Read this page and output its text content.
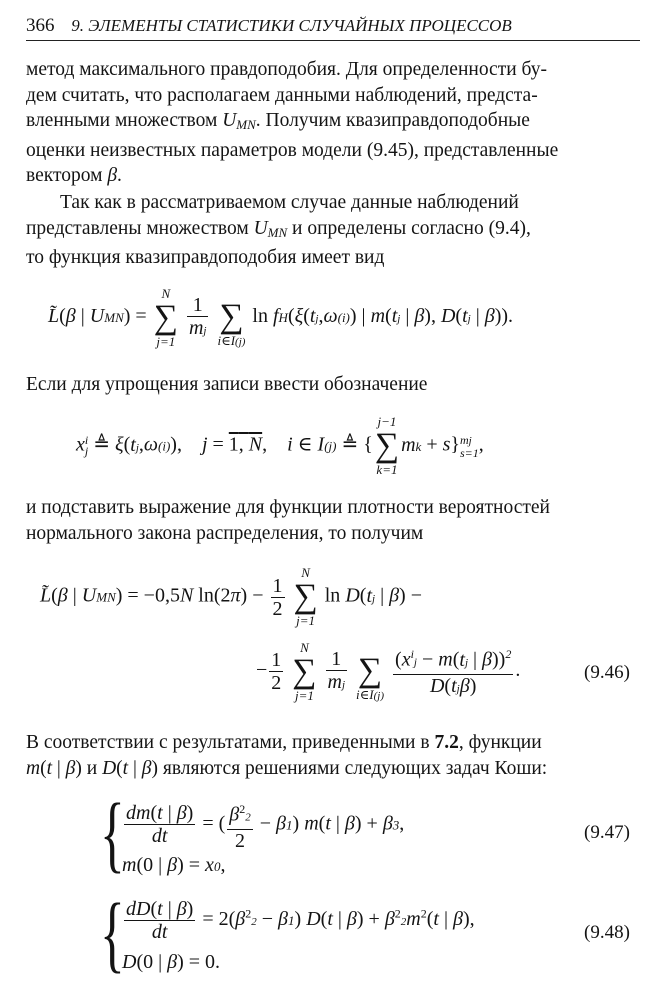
366 9. ЭЛЕМЕНТЫ СТАТИСТИКИ СЛУЧАЙНЫХ ПРОЦЕССОВ
метод максимального правдоподобия. Для определенности бу-
дем считать, что располагаем данными наблюдений, предста-
вленными множеством UMN. Получим квазиправдоподобные
оценки неизвестных параметров модели (9.45), представленные
вектором β.
Так как в рассматриваемом случае данные наблюдений
представлены множеством UMN и определены согласно (9.4),
то функция квазиправдоподобия имеет вид
L̃(β | UMN) =
N
∑
j=1
$\frac{1}{mj}$

∑
i∈I(j)
ln fH(ξ(tj,ω(i)) | m(tj | β), D(tj | β)).
Если для упрощения записи ввести обозначение
x i
j ≜ ξ(tj,ω(i)),    j = 1, N,    i ∈ I(j) ≜ {
j−1
∑
k=1
mk + s} mj
s=1 ,
и подставить выражение для функции плотности вероятностей
нормального закона распределения, то получим
L̃(β | UMN) = −0,5N $\ln(2\pi) - \frac{1}{2}$

N
∑
j=1
ln D(tj | β) −
− $\frac{1}{2}$

N
∑
j=1
$\frac{1}{mj}$

∑
i∈I(j)
$\frac{(x^ij - m(tj | \beta))^2}{\text{D(tjβ)}}$ .	(9.46)
В соответствии с результатами, приведенными в 7.2, функции
m(t | β) и D(t | β) являются решениями следующих задач Коши:
{ $\frac{dm(t | \beta)}{dt}$ = ( $\frac{\beta^22}{2} - \beta 1$) m(t | β) + β3,
m(0 | β) = x0,
(9.47)
{ $\frac{dD(t | \beta)}{dt} = 2(\beta^22 - \beta 1)$ D(t | $\beta) + \beta^22m^2(t$ | β),
D(0 | β) = 0.
(9.48)
